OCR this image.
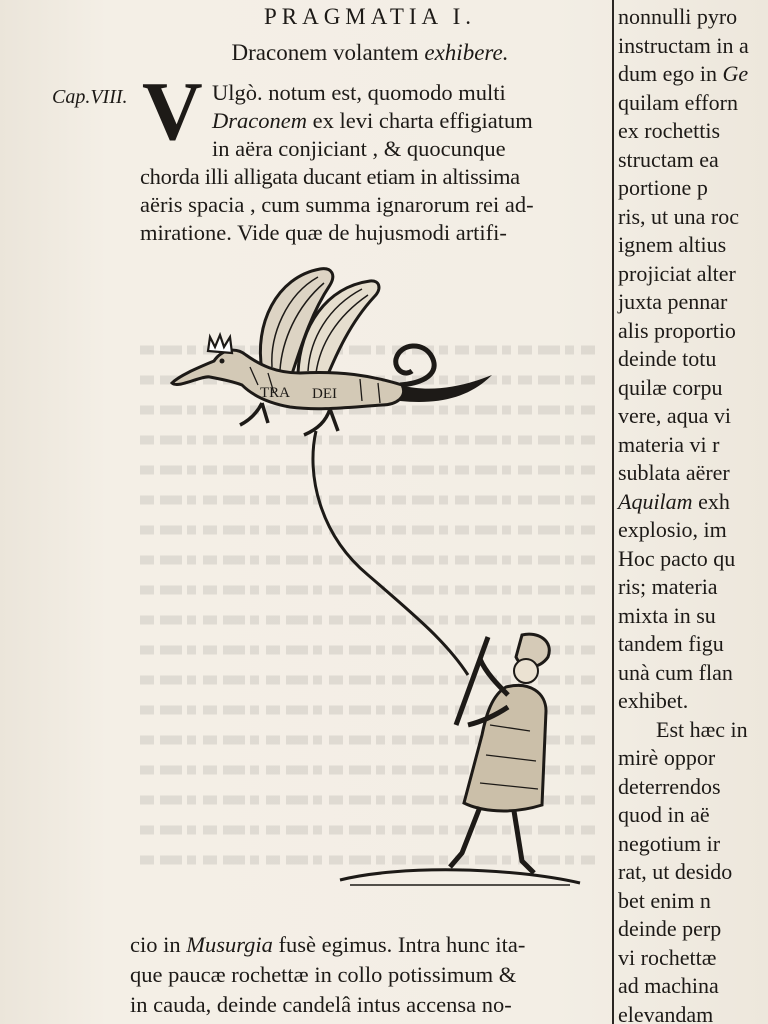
PRAGMATIA I.
Draconem volantem exhibere.
Cap.VIII. V Ulgò. notum est, quomodo multi
Draconem ex levi charta effigiatum
in aëra conjiciant , & quocunque
chorda illi alligata ducant etiam in altissima
aëris spacia , cum summa ignarorum rei ad-
miratione. Vide quæ de hujusmodi artifi-
TRA DEI
cio in Musurgia fusè egimus. Intra hunc ita-
que paucæ rochettæ in collo potissimum &
in cauda, deinde candelâ intus accensa no-
nonnulli pyro
instructam in a
dum ego in Ge
quilam efforn
ex rochettis
structam ea
portione p
ris, ut una roc
ignem altius
projiciat alter
juxta pennar
alis proportio
deinde totu
quilæ corpu
vere, aqua vi
materia vi r
sublata aërer
Aquilam exh
explosio, im
Hoc pacto qu
ris; materia
mixta in su
tandem figu
unà cum flan
exhibet.
Est hæc in
mirè oppor
deterrendos
quod in aë
negotium ir
rat, ut desido
bet enim n
deinde perp
vi rochettæ
ad machina
elevandam
